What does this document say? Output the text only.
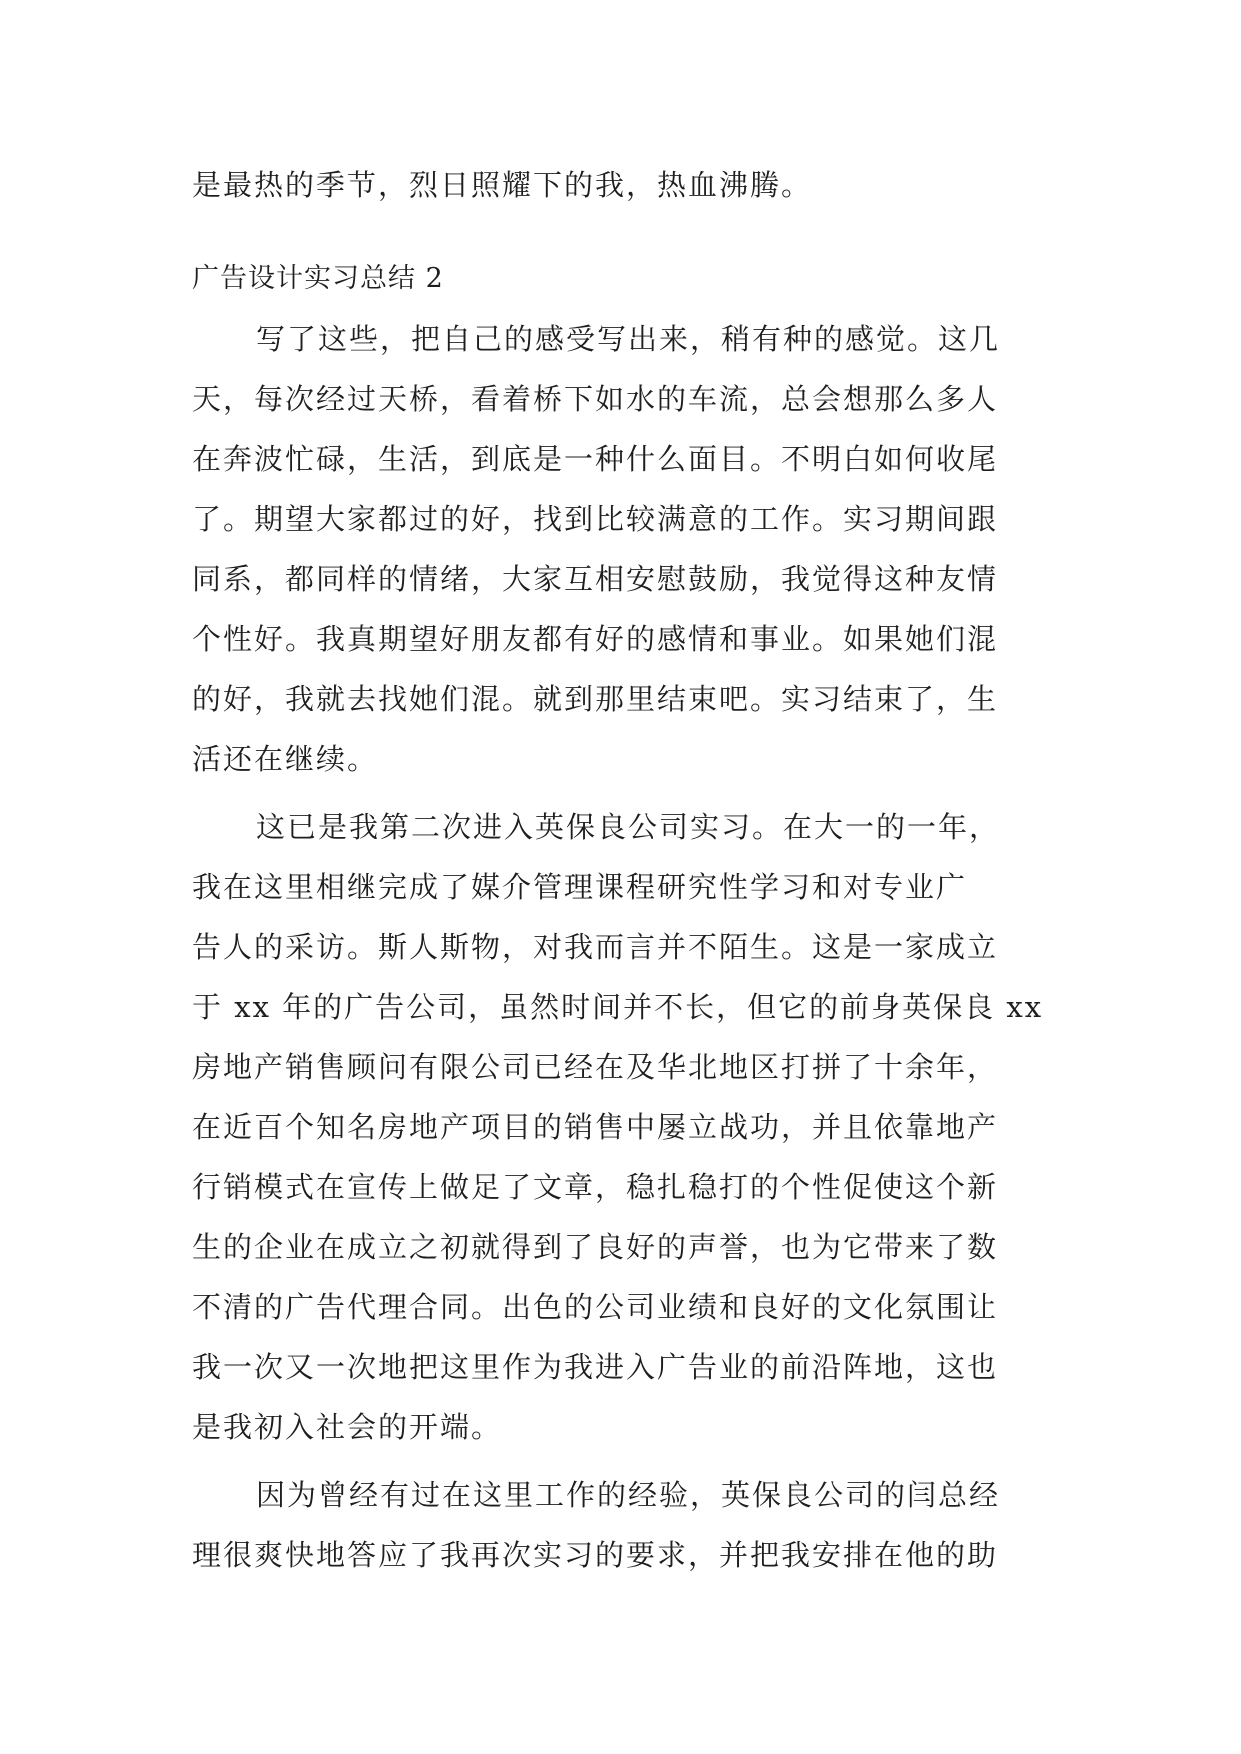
是最热的季节，烈日照耀下的我，热血沸腾。

广告设计实习总结 2

写了这些，把自己的感受写出来，稍有种的感觉。这几

天，每次经过天桥，看着桥下如水的车流，总会想那么多人

在奔波忙碌，生活，到底是一种什么面目。不明白如何收尾

了。期望大家都过的好，找到比较满意的工作。实习期间跟

同系，都同样的情绪，大家互相安慰鼓励，我觉得这种友情

个性好。我真期望好朋友都有好的感情和事业。如果她们混

的好，我就去找她们混。就到那里结束吧。实习结束了，生

活还在继续。

这已是我第二次进入英保良公司实习。在大一的一年，

我在这里相继完成了媒介管理课程研究性学习和对专业广

告人的采访。斯人斯物，对我而言并不陌生。这是一家成立

于 xx 年的广告公司，虽然时间并不长，但它的前身英保良 xx

房地产销售顾问有限公司已经在及华北地区打拼了十余年，

在近百个知名房地产项目的销售中屡立战功，并且依靠地产

行销模式在宣传上做足了文章，稳扎稳打的个性促使这个新

生的企业在成立之初就得到了良好的声誉，也为它带来了数

不清的广告代理合同。出色的公司业绩和良好的文化氛围让

我一次又一次地把这里作为我进入广告业的前沿阵地，这也

是我初入社会的开端。

因为曾经有过在这里工作的经验，英保良公司的闫总经

理很爽快地答应了我再次实习的要求，并把我安排在他的助
